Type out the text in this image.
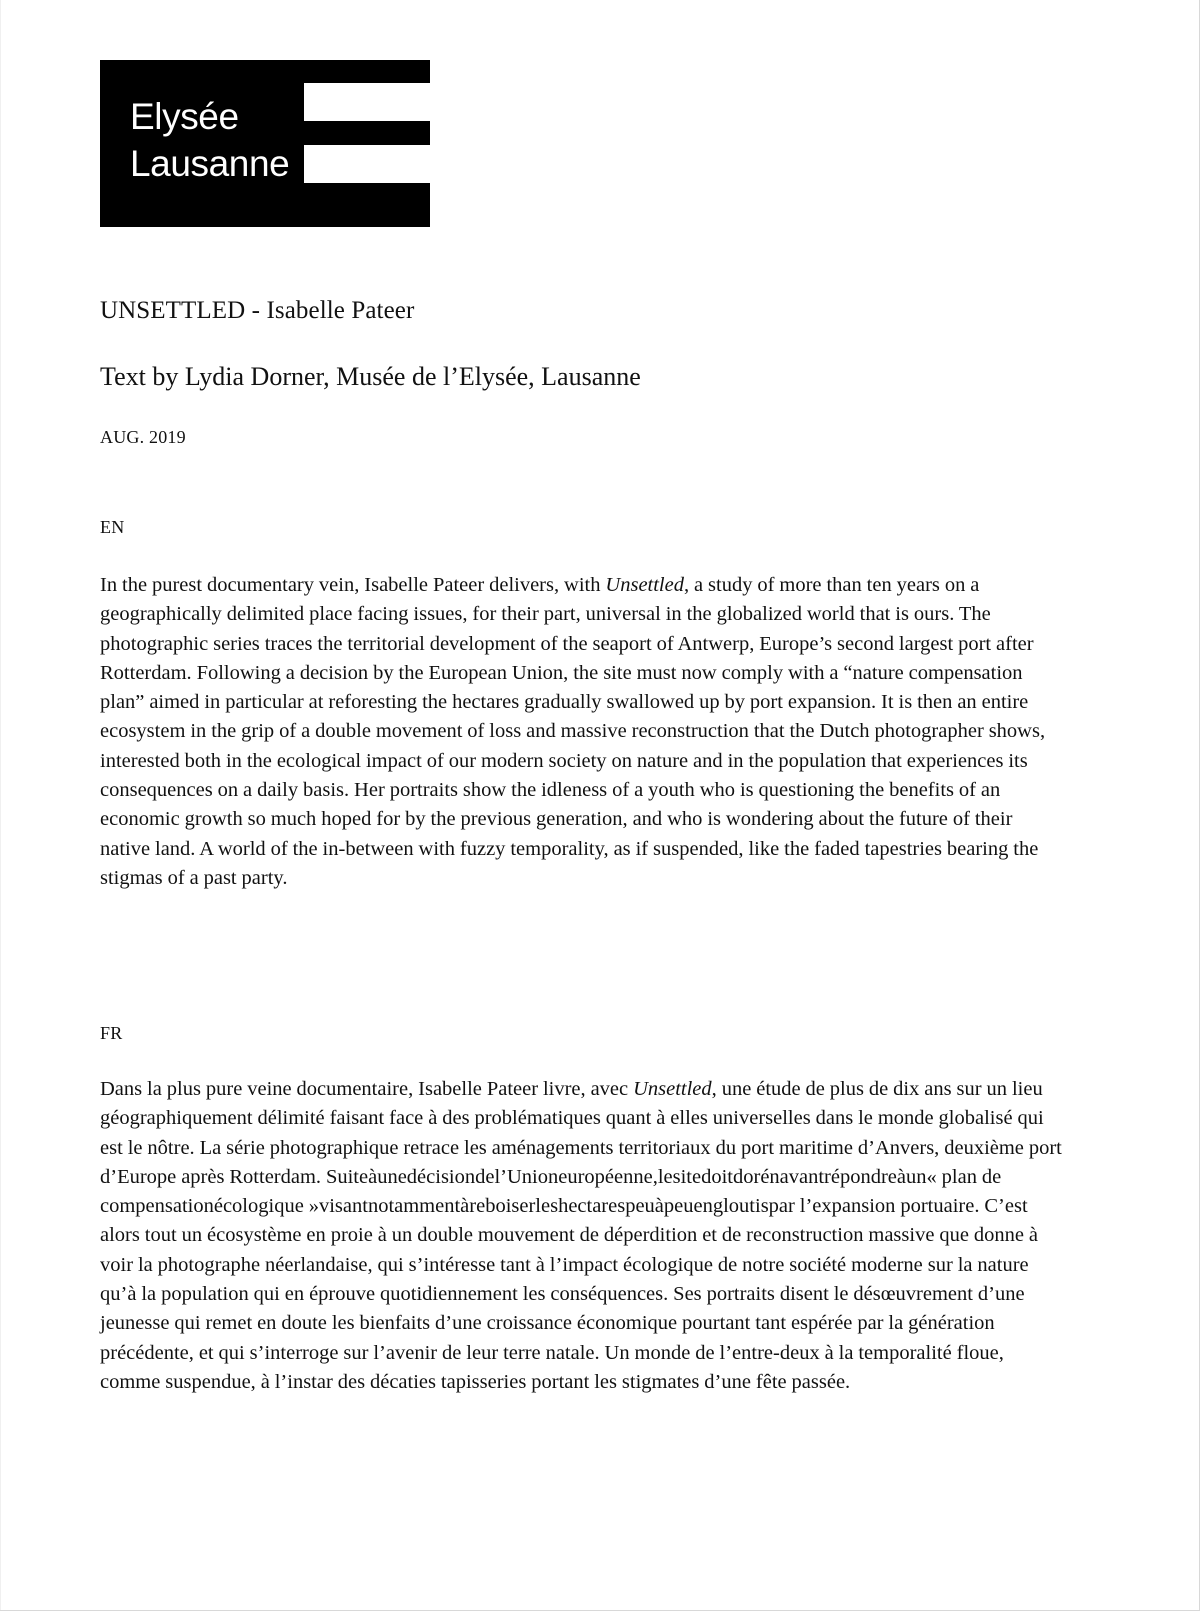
Elysée
Lausanne
UNSETTLED - Isabelle Pateer
Text by Lydia Dorner, Musée de l’Elysée, Lausanne

AUG. 2019

EN

In the purest documentary vein, Isabelle Pateer delivers, with Unsettled, a study of more than ten years on a geographically delimited place facing issues, for their part, universal in the globalized world that is ours. The photographic series traces the territorial development of the seaport of Antwerp, Europe’s second largest port after Rotterdam. Following a decision by the European Union, the site must now comply with a “nature compensation plan” aimed in particular at reforesting the hectares gradually swallowed up by port expansion. It is then an entire ecosystem in the grip of a double movement of loss and massive reconstruction that the Dutch photographer shows, interested both in the ecological impact of our modern society on nature and in the population that experiences its consequences on a daily basis. Her portraits show the idleness of a youth who is questioning the benefits of an economic growth so much hoped for by the previous generation, and who is wondering about the future of their native land. A world of the in-between with fuzzy temporality, as if suspended, like the faded tapestries bearing the stigmas of a past party.

FR

Dans la plus pure veine documentaire, Isabelle Pateer livre, avec Unsettled, une étude de plus de dix ans sur un lieu géographiquement délimité faisant face à des problématiques quant à elles universelles dans le monde globalisé qui est le nôtre. La série photographique retrace les aménagements territoriaux du port maritime d’Anvers, deuxième port d’Europe après Rotterdam. Suiteàunedécisiondel’Unioneuropéenne,lesitedoitdorénavantrépondreàun« plan de compensationécologique »visantnotammentàreboiserleshectarespeuàpeuengloutispar l’expansion portuaire. C’est alors tout un écosystème en proie à un double mouvement de déperdition et de reconstruction massive que donne à voir la photographe néerlandaise, qui s’intéresse tant à l’impact écologique de notre société moderne sur la nature qu’à la population qui en éprouve quotidiennement les conséquences. Ses portraits disent le désœuvrement d’une jeunesse qui remet en doute les bienfaits d’une croissance économique pourtant tant espérée par la génération précédente, et qui s’interroge sur l’avenir de leur terre natale. Un monde de l’entre-deux à la temporalité floue, comme suspendue, à l’instar des décaties tapisseries portant les stigmates d’une fête passée.
